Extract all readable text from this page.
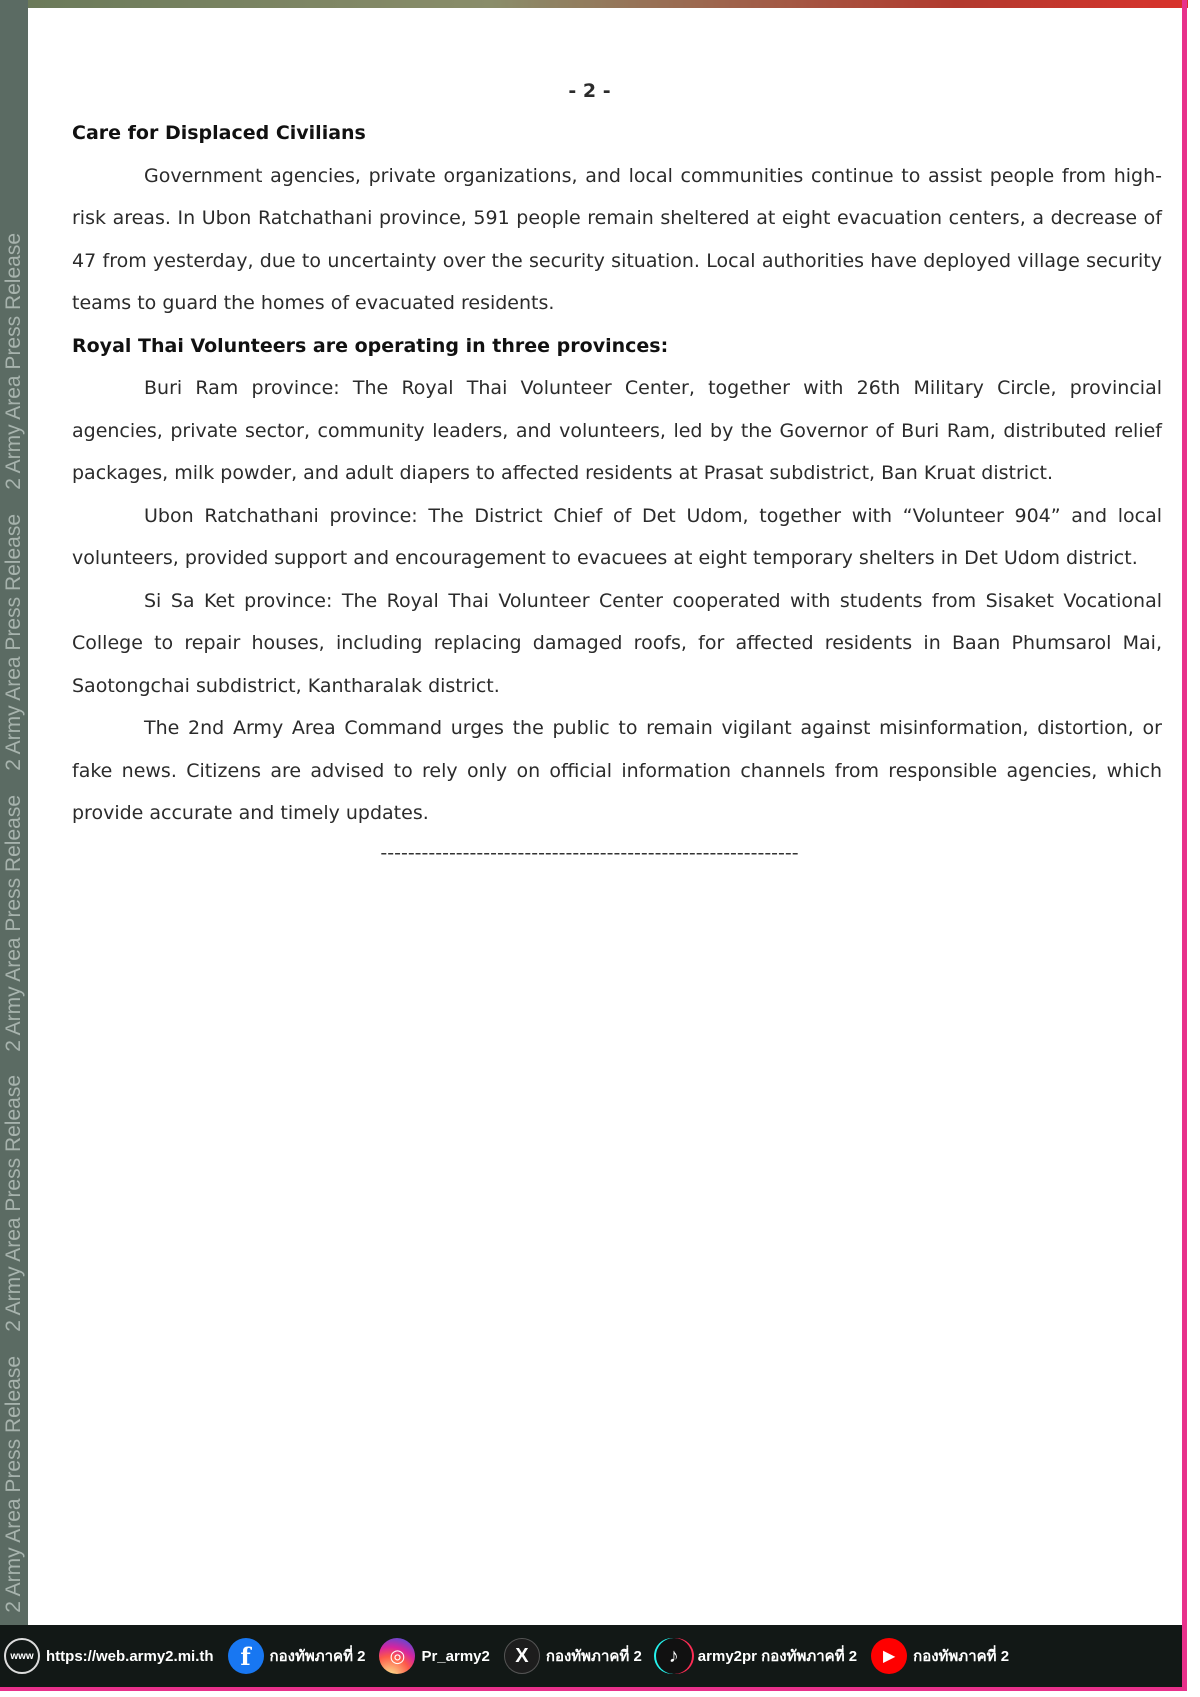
2 Army Area Press Release
2 Army Area Press Release
2 Army Area Press Release
2 Army Area Press Release
2 Army Area Press Release
- 2 -
Care for Displaced Civilians

Government agencies, private organizations, and local communities continue to assist people from high-risk areas. In Ubon Ratchathani province, 591 people remain sheltered at eight evacuation centers, a decrease of 47 from yesterday, due to uncertainty over the security situation. Local authorities have deployed village security teams to guard the homes of evacuated residents.

Royal Thai Volunteers are operating in three provinces:

Buri Ram province: The Royal Thai Volunteer Center, together with 26th Military Circle, provincial agencies, private sector, community leaders, and volunteers, led by the Governor of Buri Ram, distributed relief packages, milk powder, and adult diapers to affected residents at Prasat subdistrict, Ban Kruat district.

Ubon Ratchathani province: The District Chief of Det Udom, together with “Volunteer 904” and local volunteers, provided support and encouragement to evacuees at eight temporary shelters in Det Udom district.

Si Sa Ket province: The Royal Thai Volunteer Center cooperated with students from Sisaket Vocational College to repair houses, including replacing damaged roofs, for affected residents in Baan Phumsarol Mai, Saotongchai subdistrict, Kantharalak district.

The 2nd Army Area Command urges the public to remain vigilant against misinformation, distortion, or fake news. Citizens are advised to rely only on official information channels from responsible agencies, which provide accurate and timely updates.

-------------------------------------------------------------
www https://web.army2.mi.th	f	กองทัพภาคที่ 2	◎	Pr_army2	X	กองทัพภาคที่ 2	♪	army2pr กองทัพภาคที่ 2	▶	กองทัพภาคที่ 2
